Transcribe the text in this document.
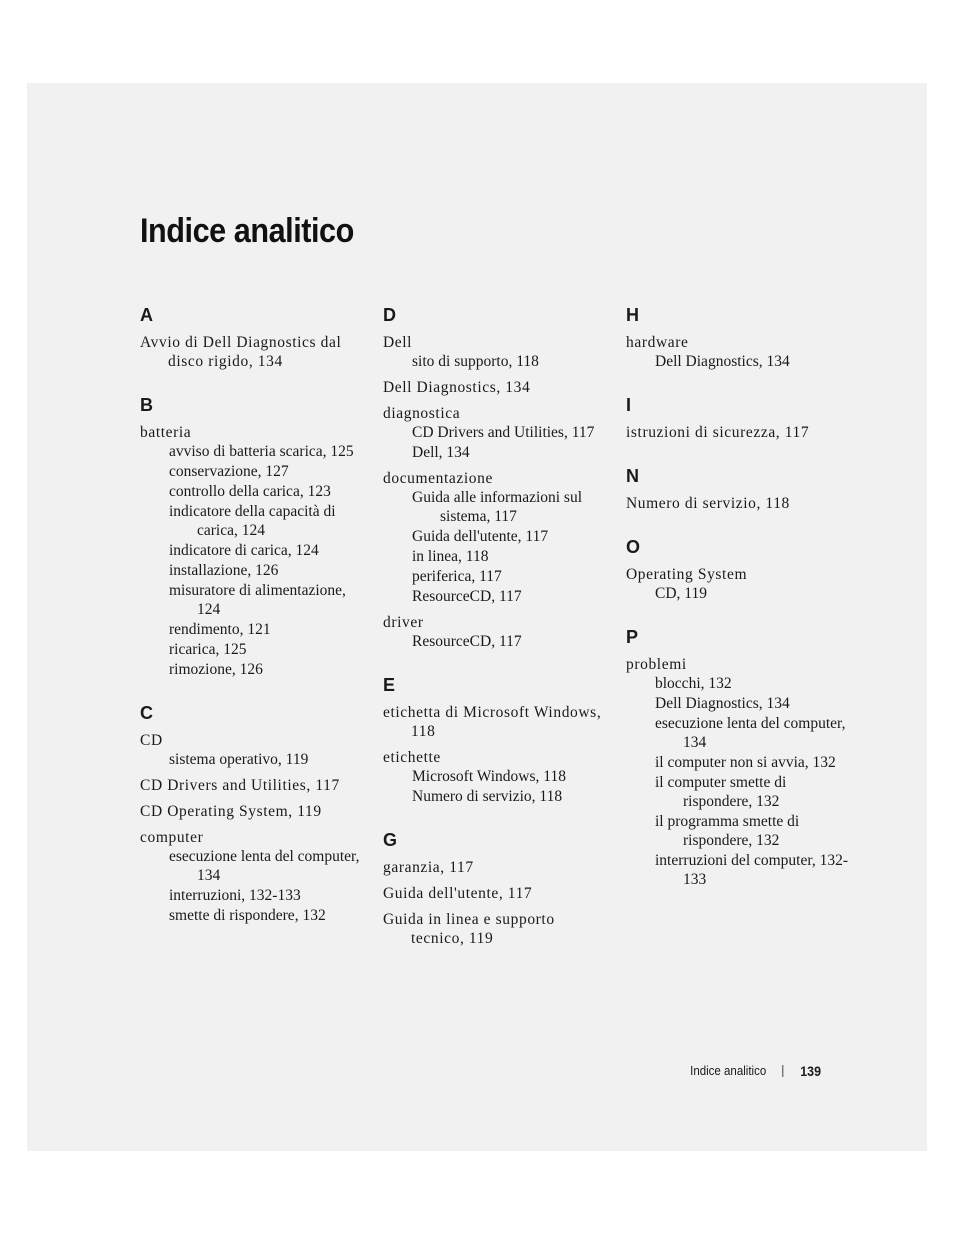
Indice analitico
A
Avvio di Dell Diagnostics dal disco rigido, 134
B
batteria
avviso di batteria scarica, 125
conservazione, 127
controllo della carica, 123
indicatore della capacità di carica, 124
indicatore di carica, 124
installazione, 126
misuratore di alimentazione, 124
rendimento, 121
ricarica, 125
rimozione, 126
C
CD
sistema operativo, 119
CD Drivers and Utilities, 117
CD Operating System, 119
computer
esecuzione lenta del computer, 134
interruzioni, 132-133
smette di rispondere, 132
D
Dell
sito di supporto, 118
Dell Diagnostics, 134
diagnostica
CD Drivers and Utilities, 117
Dell, 134
documentazione
Guida alle informazioni sul sistema, 117
Guida dell'utente, 117
in linea, 118
periferica, 117
ResourceCD, 117
driver
ResourceCD, 117
E
etichetta di Microsoft Windows, 118
etichette
Microsoft Windows, 118
Numero di servizio, 118
G
garanzia, 117
Guida dell'utente, 117
Guida in linea e supporto tecnico, 119
H
hardware
Dell Diagnostics, 134
I
istruzioni di sicurezza, 117
N
Numero di servizio, 118
O
Operating System
CD, 119
P
problemi
blocchi, 132
Dell Diagnostics, 134
esecuzione lenta del computer, 134
il computer non si avvia, 132
il computer smette di rispondere, 132
il programma smette di rispondere, 132
interruzioni del computer, 132-133
Indice analitico	139
